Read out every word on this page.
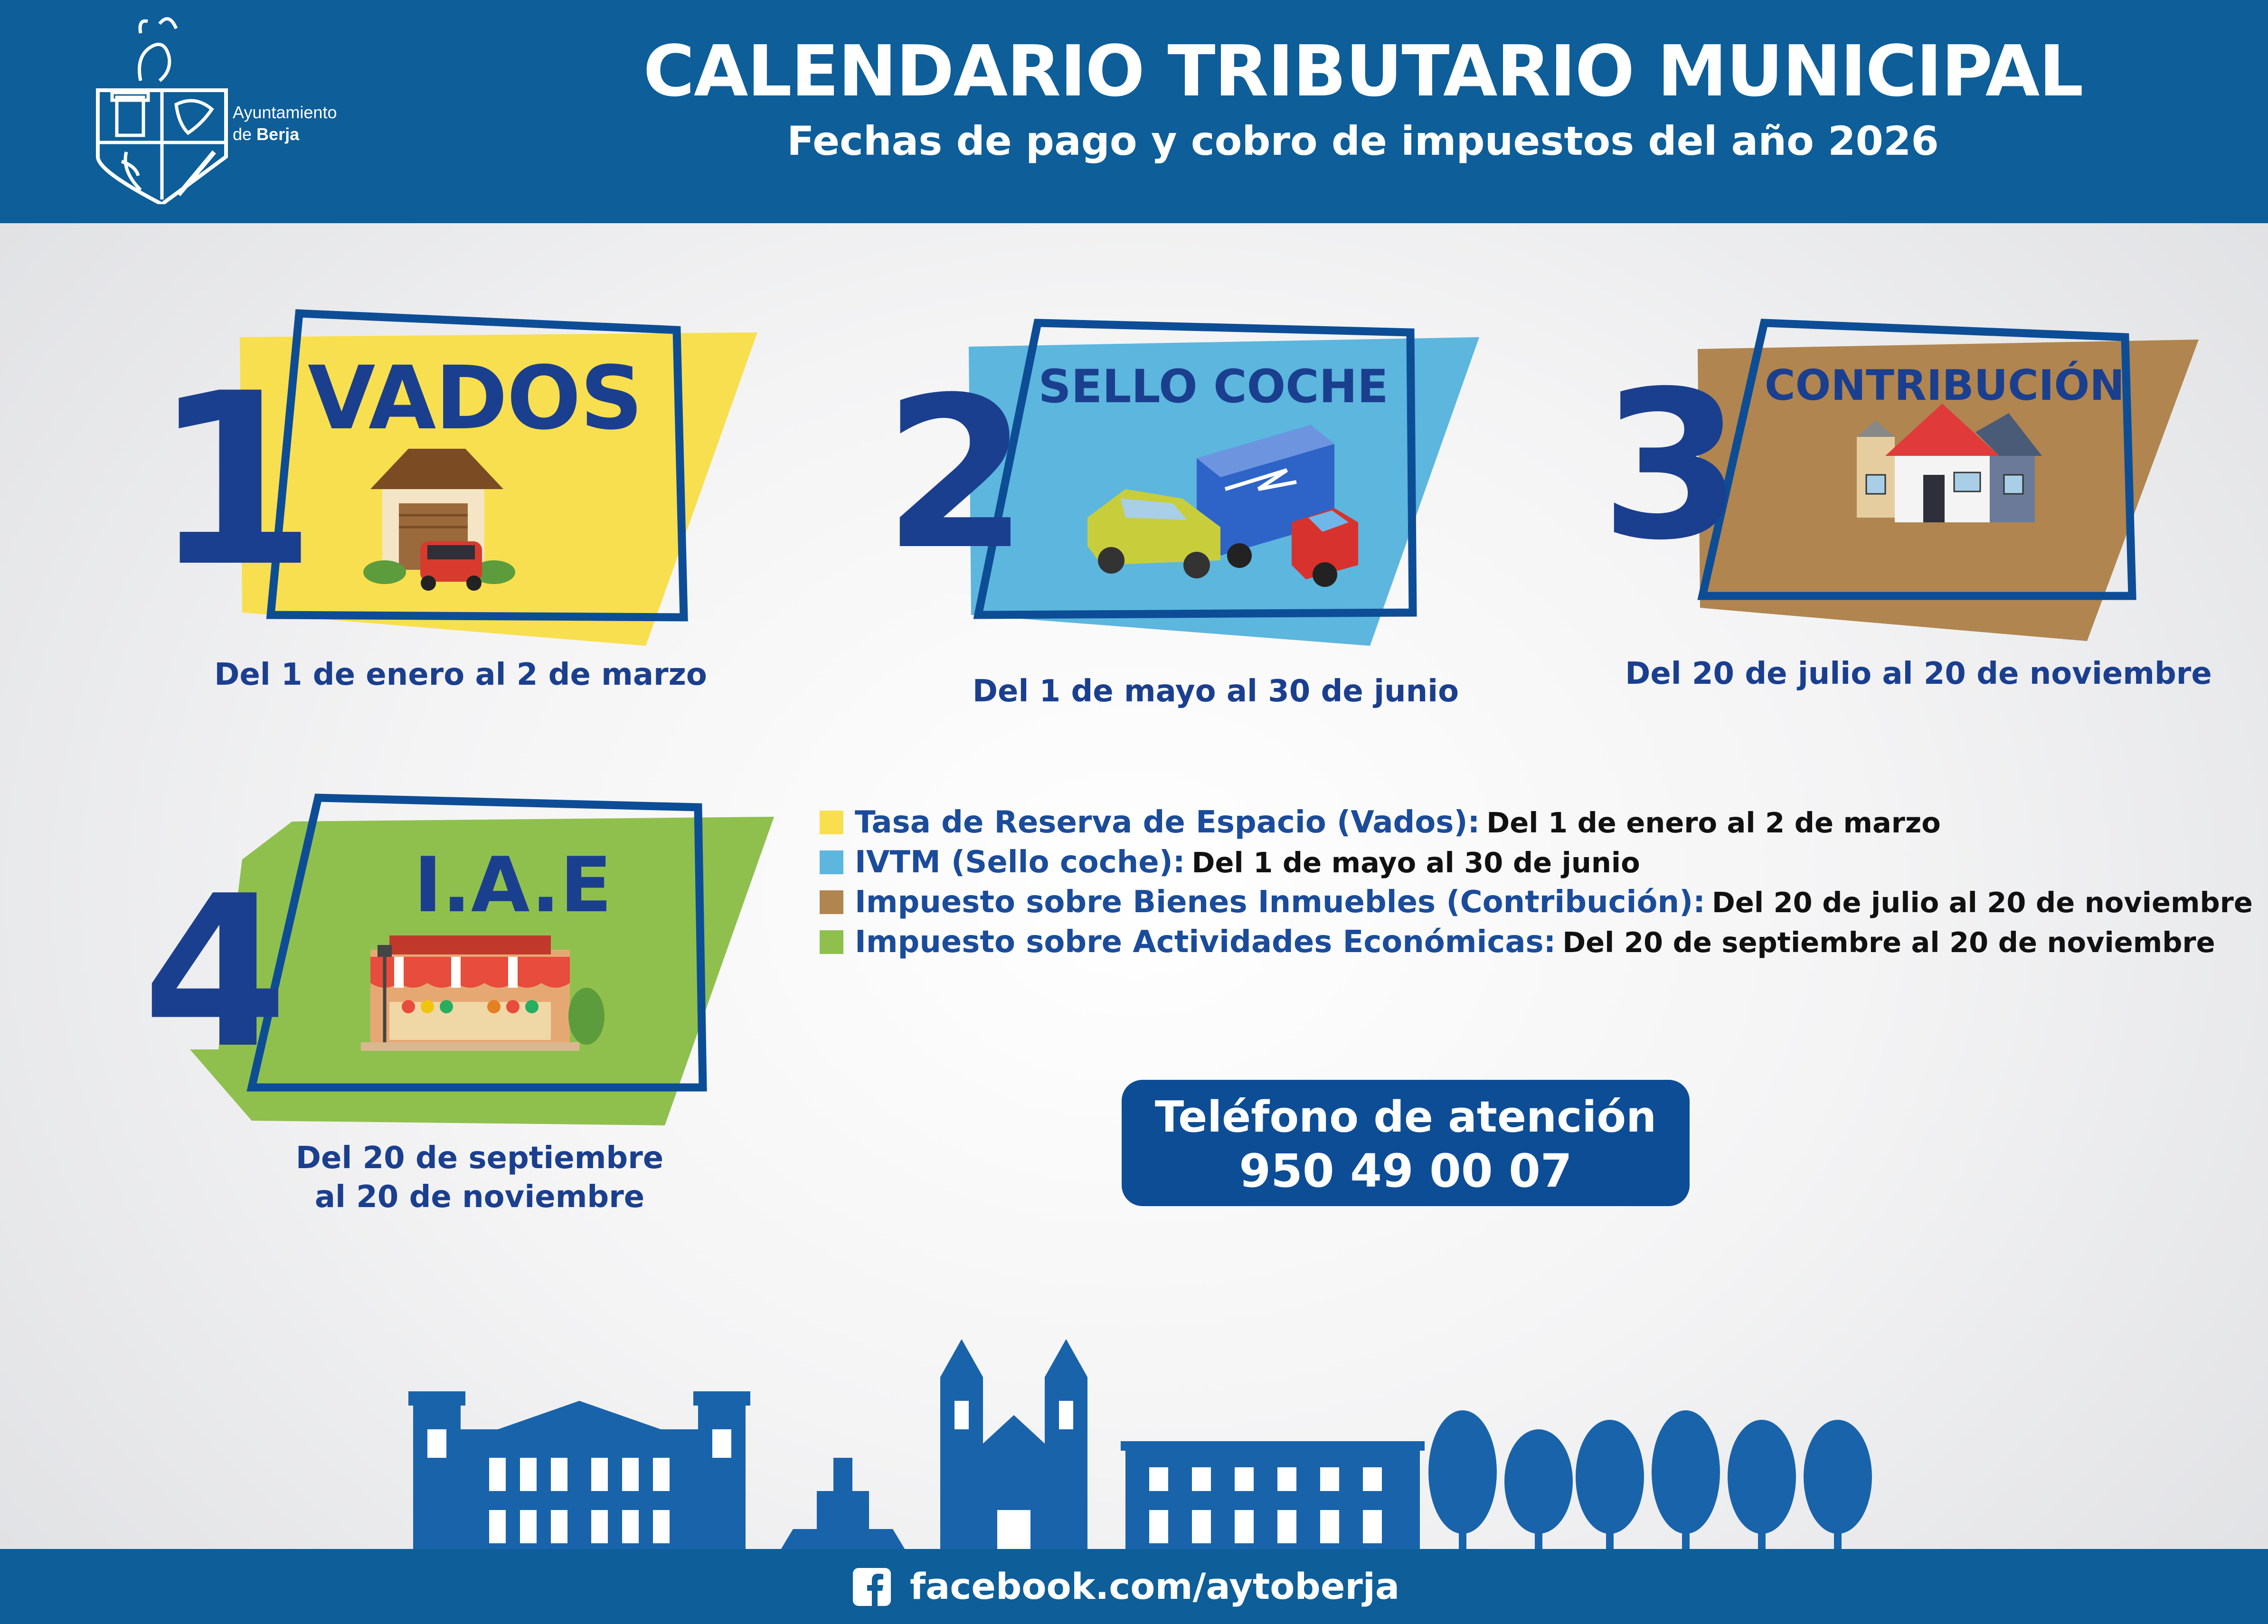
Ayuntamiento
de Berja
CALENDARIO TRIBUTARIO MUNICIPAL
Fechas de pago y cobro de impuestos del año 2026
1
VADOS
Del 1 de enero al 2 de marzo
2 SELLO COCHE
Del 1 de mayo al 30 de junio
3 CONTRIBUCIÓN
Del 20 de julio al 20 de noviembre
4	I.A.E
Del 20 de septiembre
al 20 de noviembre
Tasa de Reserva de Espacio (Vados): Del 1 de enero al 2 de marzo
IVTM (Sello coche): Del 1 de mayo al 30 de junio
Impuesto sobre Bienes Inmuebles (Contribución): Del 20 de julio al 20 de noviembre
Impuesto sobre Actividades Económicas: Del 20 de septiembre al 20 de noviembre
Teléfono de atención
950 49 00 07
facebook.com/aytoberja
